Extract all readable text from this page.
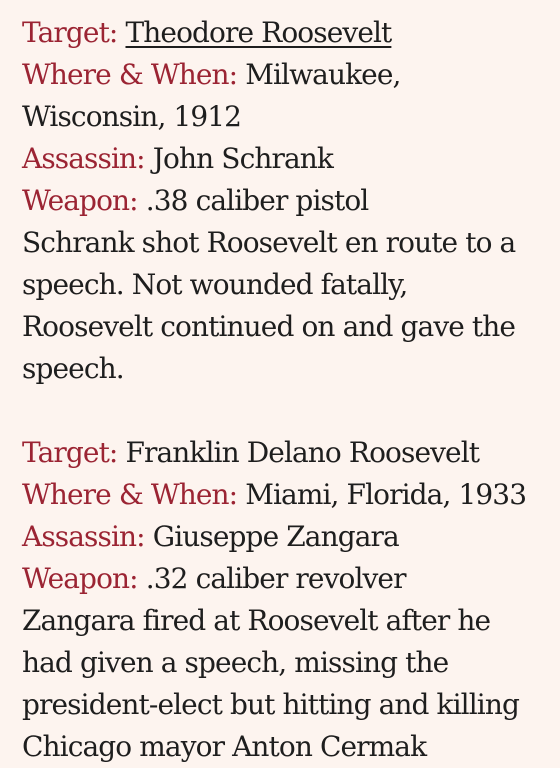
Target: Theodore Roosevelt
Where & When: Milwaukee, Wisconsin, 1912
Assassin: John Schrank
Weapon: .38 caliber pistol
Schrank shot Roosevelt en route to a speech. Not wounded fatally, Roosevelt continued on and gave the speech.
Target: Franklin Delano Roosevelt
Where & When: Miami, Florida, 1933
Assassin: Giuseppe Zangara
Weapon: .32 caliber revolver
Zangara fired at Roosevelt after he had given a speech, missing the president-elect but hitting and killing Chicago mayor Anton Cermak
